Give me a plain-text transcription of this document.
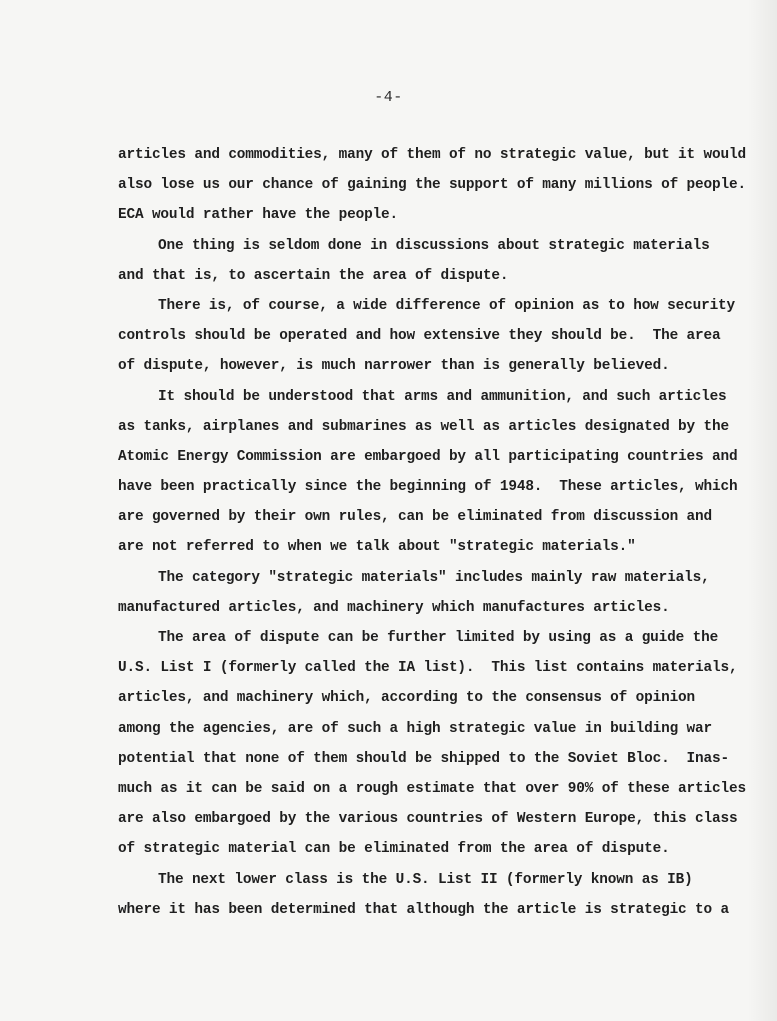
-4-
articles and commodities, many of them of no strategic value, but it would
also lose us our chance of gaining the support of many millions of people.
ECA would rather have the people.
One thing is seldom done in discussions about strategic materials
and that is, to ascertain the area of dispute.
There is, of course, a wide difference of opinion as to how security
controls should be operated and how extensive they should be.  The area
of dispute, however, is much narrower than is generally believed.
It should be understood that arms and ammunition, and such articles
as tanks, airplanes and submarines as well as articles designated by the
Atomic Energy Commission are embargoed by all participating countries and
have been practically since the beginning of 1948.  These articles, which
are governed by their own rules, can be eliminated from discussion and
are not referred to when we talk about "strategic materials."
The category "strategic materials" includes mainly raw materials,
manufactured articles, and machinery which manufactures articles.
The area of dispute can be further limited by using as a guide the
U.S. List I (formerly called the IA list).  This list contains materials,
articles, and machinery which, according to the consensus of opinion
among the agencies, are of such a high strategic value in building war
potential that none of them should be shipped to the Soviet Bloc.  Inas-
much as it can be said on a rough estimate that over 90% of these articles
are also embargoed by the various countries of Western Europe, this class
of strategic material can be eliminated from the area of dispute.
The next lower class is the U.S. List II (formerly known as IB)
where it has been determined that although the article is strategic to a
